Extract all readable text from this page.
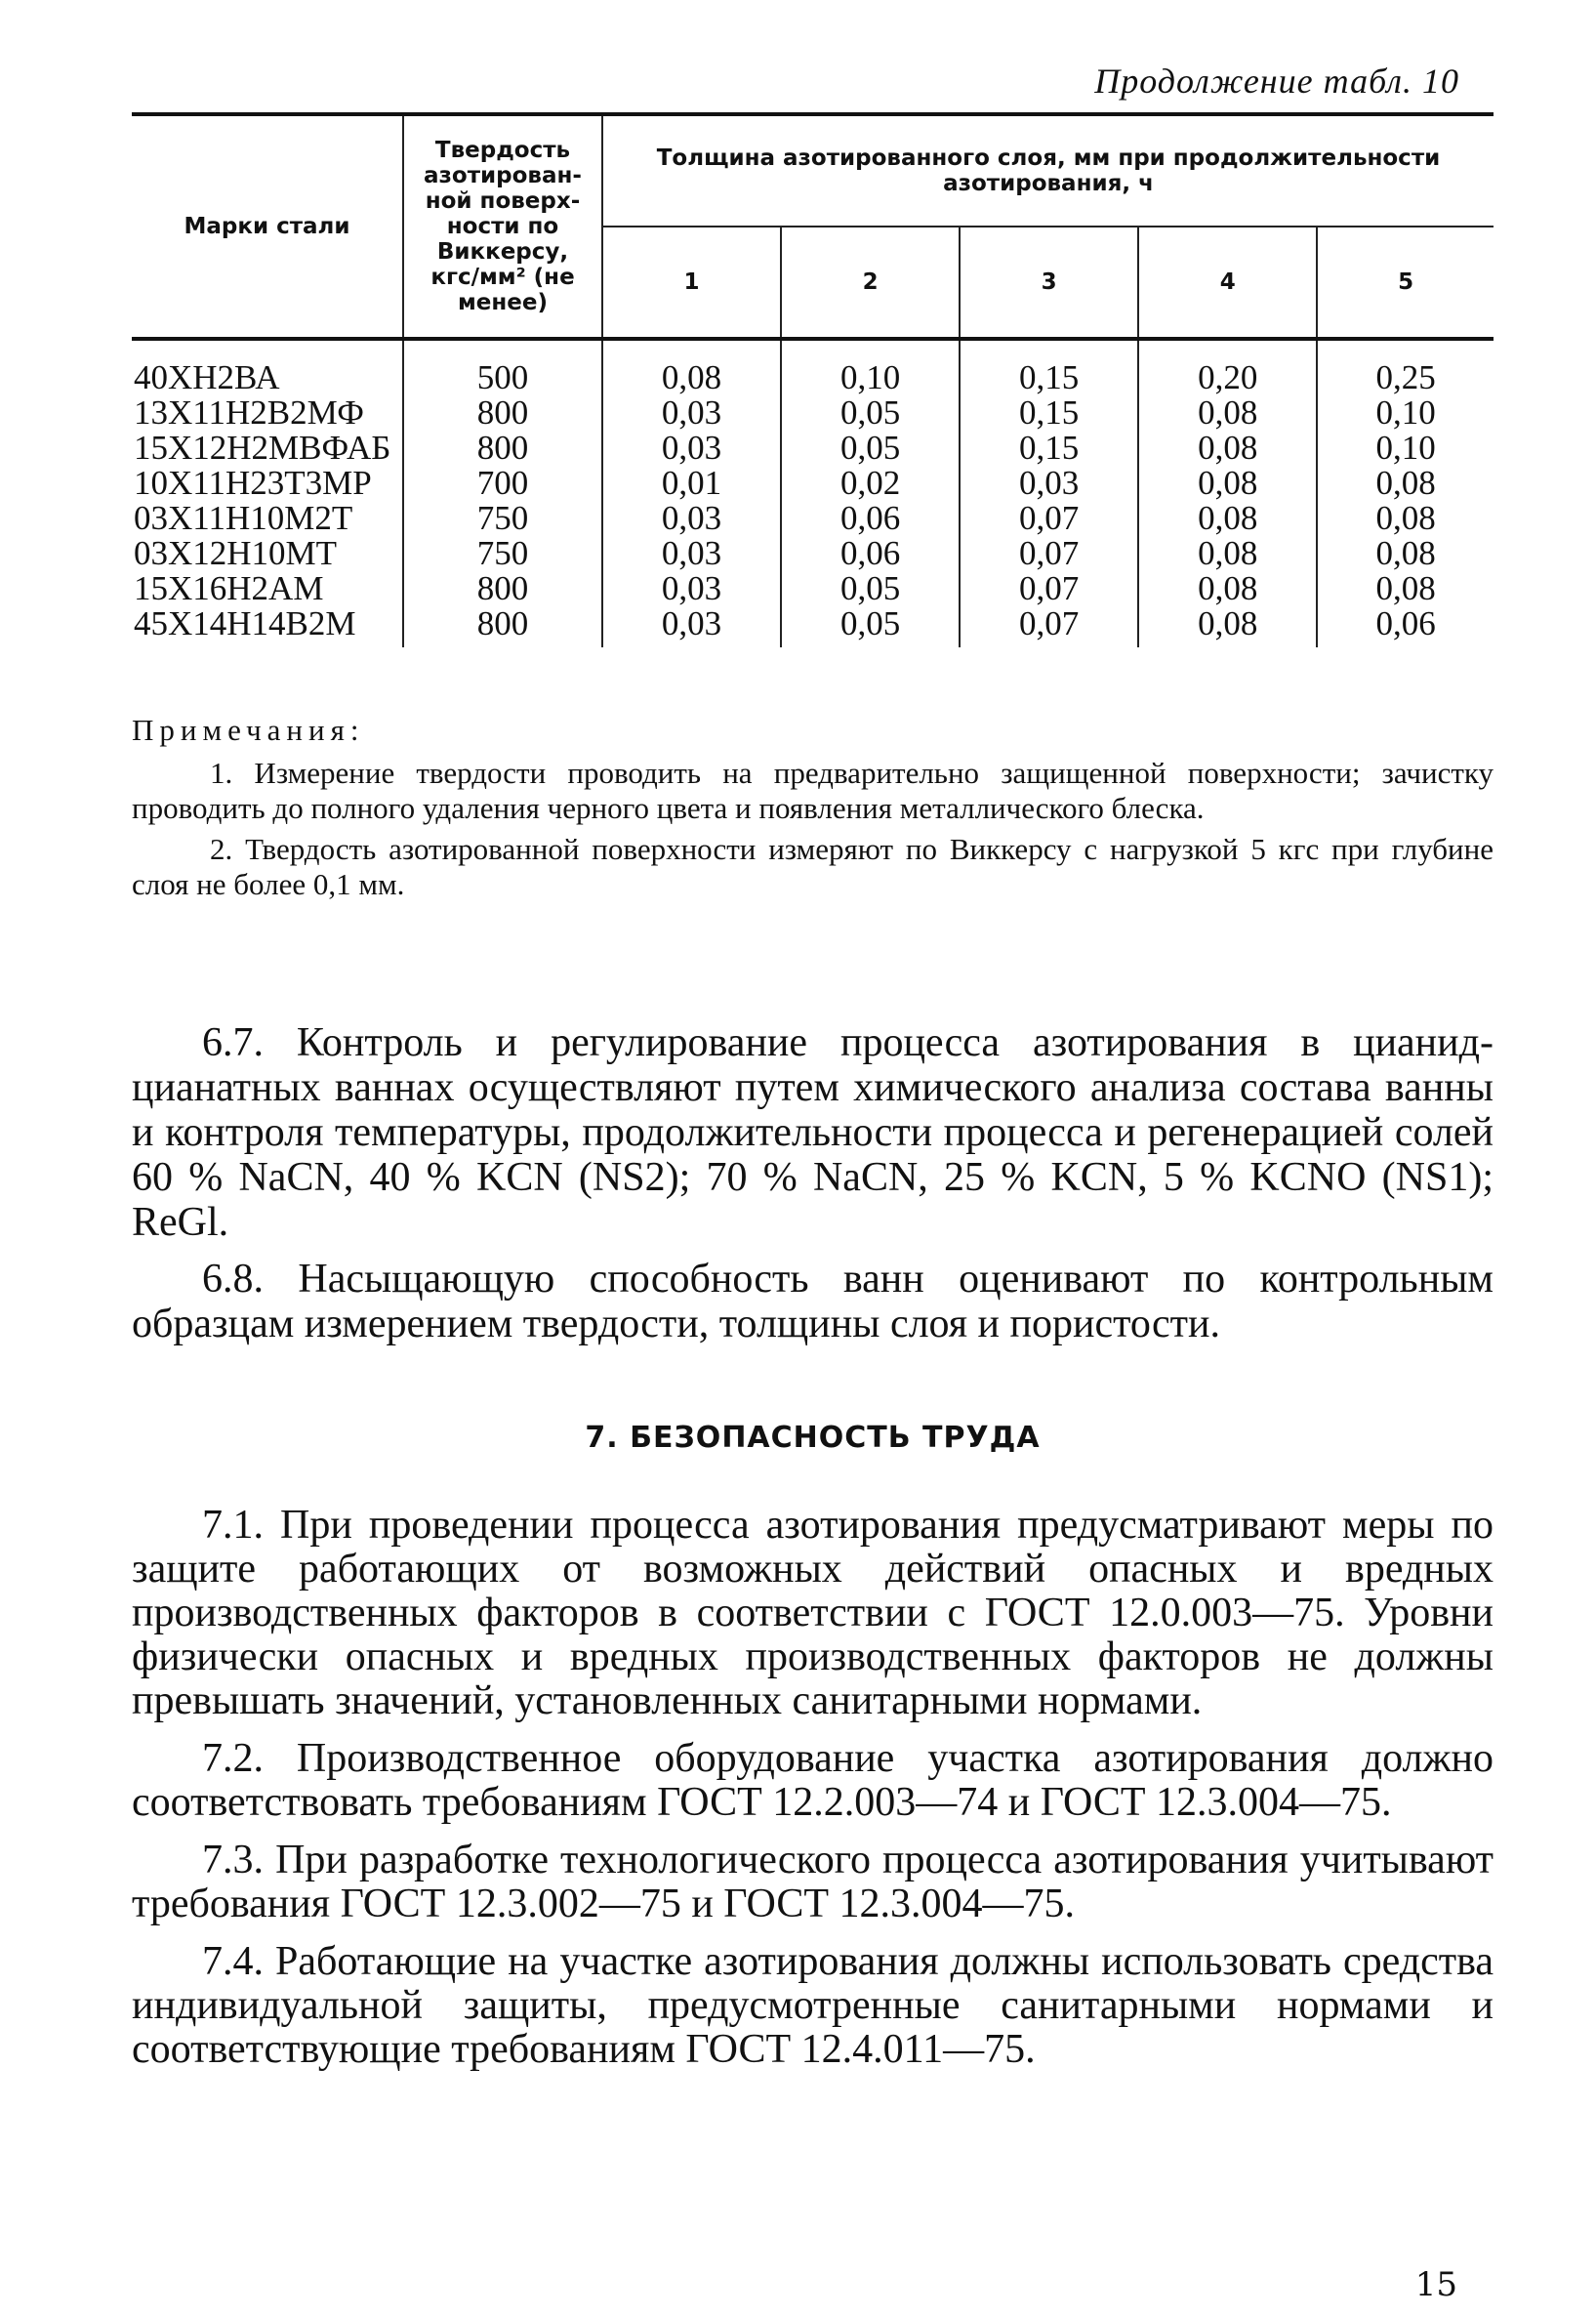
Продолжение табл. 10
Марки стали	Твердость азотированной поверхности по Виккерсу, кгс/мм² (не менее)	Толщина азотированного слоя, мм при продолжительности азотирования, ч				
		1	2	3	4	5
40ХН2ВА	500	0,08	0,10	0,15	0,20	0,25
13Х11Н2В2МФ	800	0,03	0,05	0,15	0,08	0,10
15Х12Н2МВФАБ	800	0,03	0,05	0,15	0,08	0,10
10Х11Н23Т3МР	700	0,01	0,02	0,03	0,08	0,08
03Х11Н10М2Т	750	0,03	0,06	0,07	0,08	0,08
03Х12Н10МТ	750	0,03	0,06	0,07	0,08	0,08
15Х16Н2АМ	800	0,03	0,05	0,07	0,08	0,08
45Х14Н14В2М	800	0,03	0,05	0,07	0,08	0,06
Примечания:

1. Измерение твердости проводить на предварительно защищенной поверхности; зачистку проводить до полного удаления черного цвета и появления металлического блеска.

2. Твердость азотированной поверхности измеряют по Виккерсу с нагрузкой 5 кгс при глубине слоя не более 0,1 мм.

6.7. Контроль и регулирование процесса азотирования в цианид-цианатных ваннах осуществляют путем химического анализа состава ванны и контроля температуры, продолжительности процесса и регенерацией солей 60 % NaCN, 40 % KCN (NS2); 70 % NaCN, 25 % KCN, 5 % KCNO (NS1); ReGl.

6.8. Насыщающую способность ванн оценивают по контрольным образцам измерением твердости, толщины слоя и пористости.

7. БЕЗОПАСНОСТЬ ТРУДА

7.1. При проведении процесса азотирования предусматривают меры по защите работающих от возможных действий опасных и вредных производственных факторов в соответствии с ГОСТ 12.0.003—75. Уровни физически опасных и вредных производственных факторов не должны превышать значений, установленных санитарными нормами.

7.2. Производственное оборудование участка азотирования должно соответствовать требованиям ГОСТ 12.2.003—74 и ГОСТ 12.3.004—75.

7.3. При разработке технологического процесса азотирования учитывают требования ГОСТ 12.3.002—75 и ГОСТ 12.3.004—75.

7.4. Работающие на участке азотирования должны использовать средства индивидуальной защиты, предусмотренные санитарными нормами и соответствующие требованиям ГОСТ 12.4.011—75.

15
